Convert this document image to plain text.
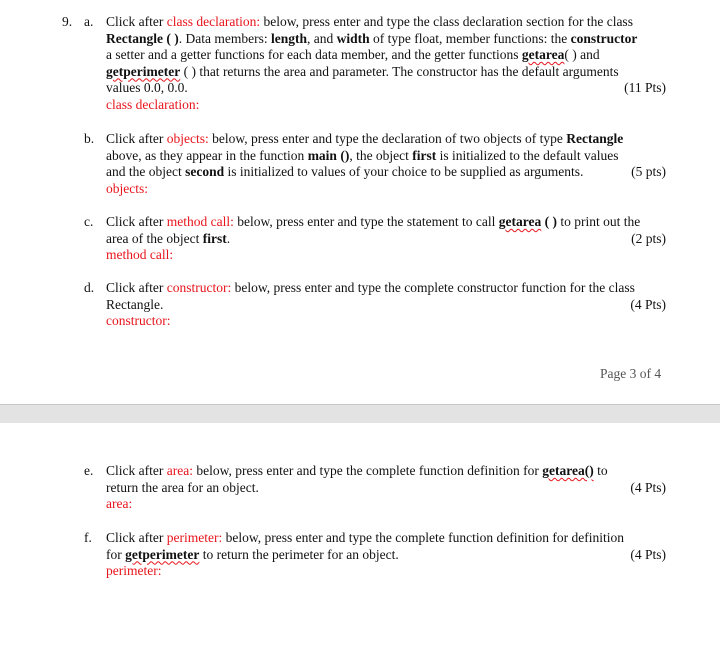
9. a. Click after class declaration: below, press enter and type the class declaration section for the class
Rectangle ( ). Data members: length, and width of type float, member functions: the constructor
a setter and a getter functions for each data member, and the getter functions getarea( ) and
getperimeter ( ) that returns the area and parameter. The constructor has the default arguments
values 0.0, 0.0.	(11 Pts)
class declaration:
b. Click after objects: below, press enter and type the declaration of two objects of type Rectangle
above, as they appear in the function main (), the object first is initialized to the default values
and the object second is initialized to values of your choice to be supplied as arguments.	(5 pts)
objects:
c. Click after method call: below, press enter and type the statement to call getarea ( ) to print out the
area of the object first.	(2 pts)
method call:
d. Click after constructor: below, press enter and type the complete constructor function for the class
Rectangle.	(4 Pts)
constructor:
Page 3 of 4
e. Click after area: below, press enter and type the complete function definition for getarea() to
return the area for an object.	(4 Pts)
area:
f. Click after perimeter: below, press enter and type the complete function definition for definition
for getperimeter to return the perimeter for an object.	(4 Pts)
perimeter:
